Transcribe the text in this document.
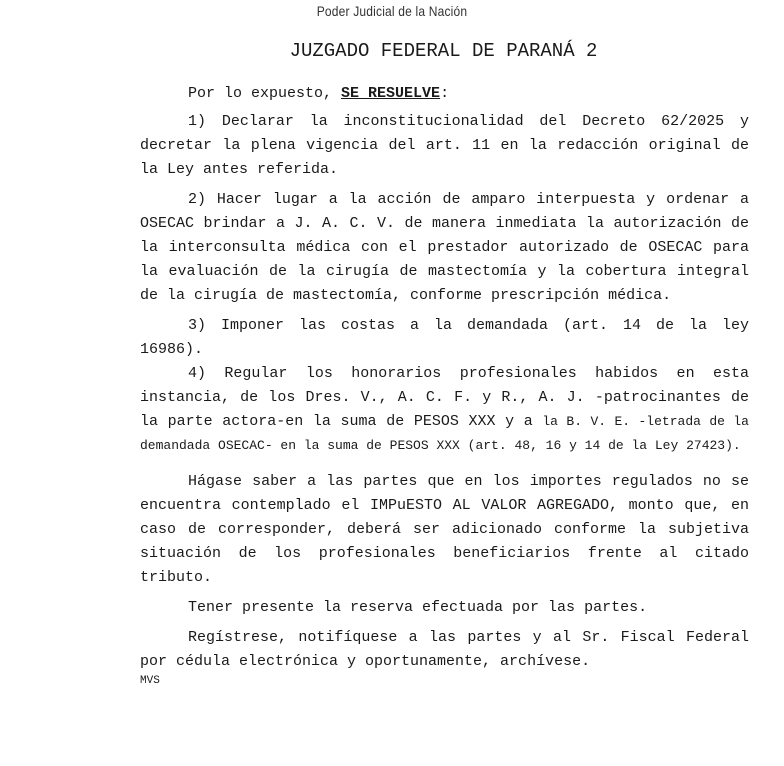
Poder Judicial de la Nación
JUZGADO FEDERAL DE PARANÁ 2

Por lo expuesto, SE RESUELVE:

1) Declarar la inconstitucionalidad del Decreto 62/2025 y decretar la plena vigencia del art. 11 en la redacción original de la Ley antes referida.

2) Hacer lugar a la acción de amparo interpuesta y ordenar a OSECAC brindar a J. A. C. V. de manera inmediata la autorización de la interconsulta médica con el prestador autorizado de OSECAC para la evaluación de la cirugía de mastectomía y la cobertura integral de la cirugía de mastectomía, conforme prescripción médica.

3) Imponer las costas a la demandada (art. 14 de la ley 16986).

4) Regular los honorarios profesionales habidos en esta instancia, de los Dres. V., A. C. F. y R., A. J. -patrocinantes de la parte actora-en la suma de PESOS XXX y a la B. V. E. -letrada de la demandada OSECAC- en la suma de PESOS XXX (art. 48, 16 y 14 de la Ley 27423).

Hágase saber a las partes que en los importes regulados no se encuentra contemplado el IMPuESTO AL VALOR AGREGADO, monto que, en caso de corresponder, deberá ser adicionado conforme la subjetiva situación de los profesionales beneficiarios frente al citado tributo.

Tener presente la reserva efectuada por las partes.

Regístrese, notifíquese a las partes y al Sr. Fiscal Federal por cédula electrónica y oportunamente, archívese.

MVS
